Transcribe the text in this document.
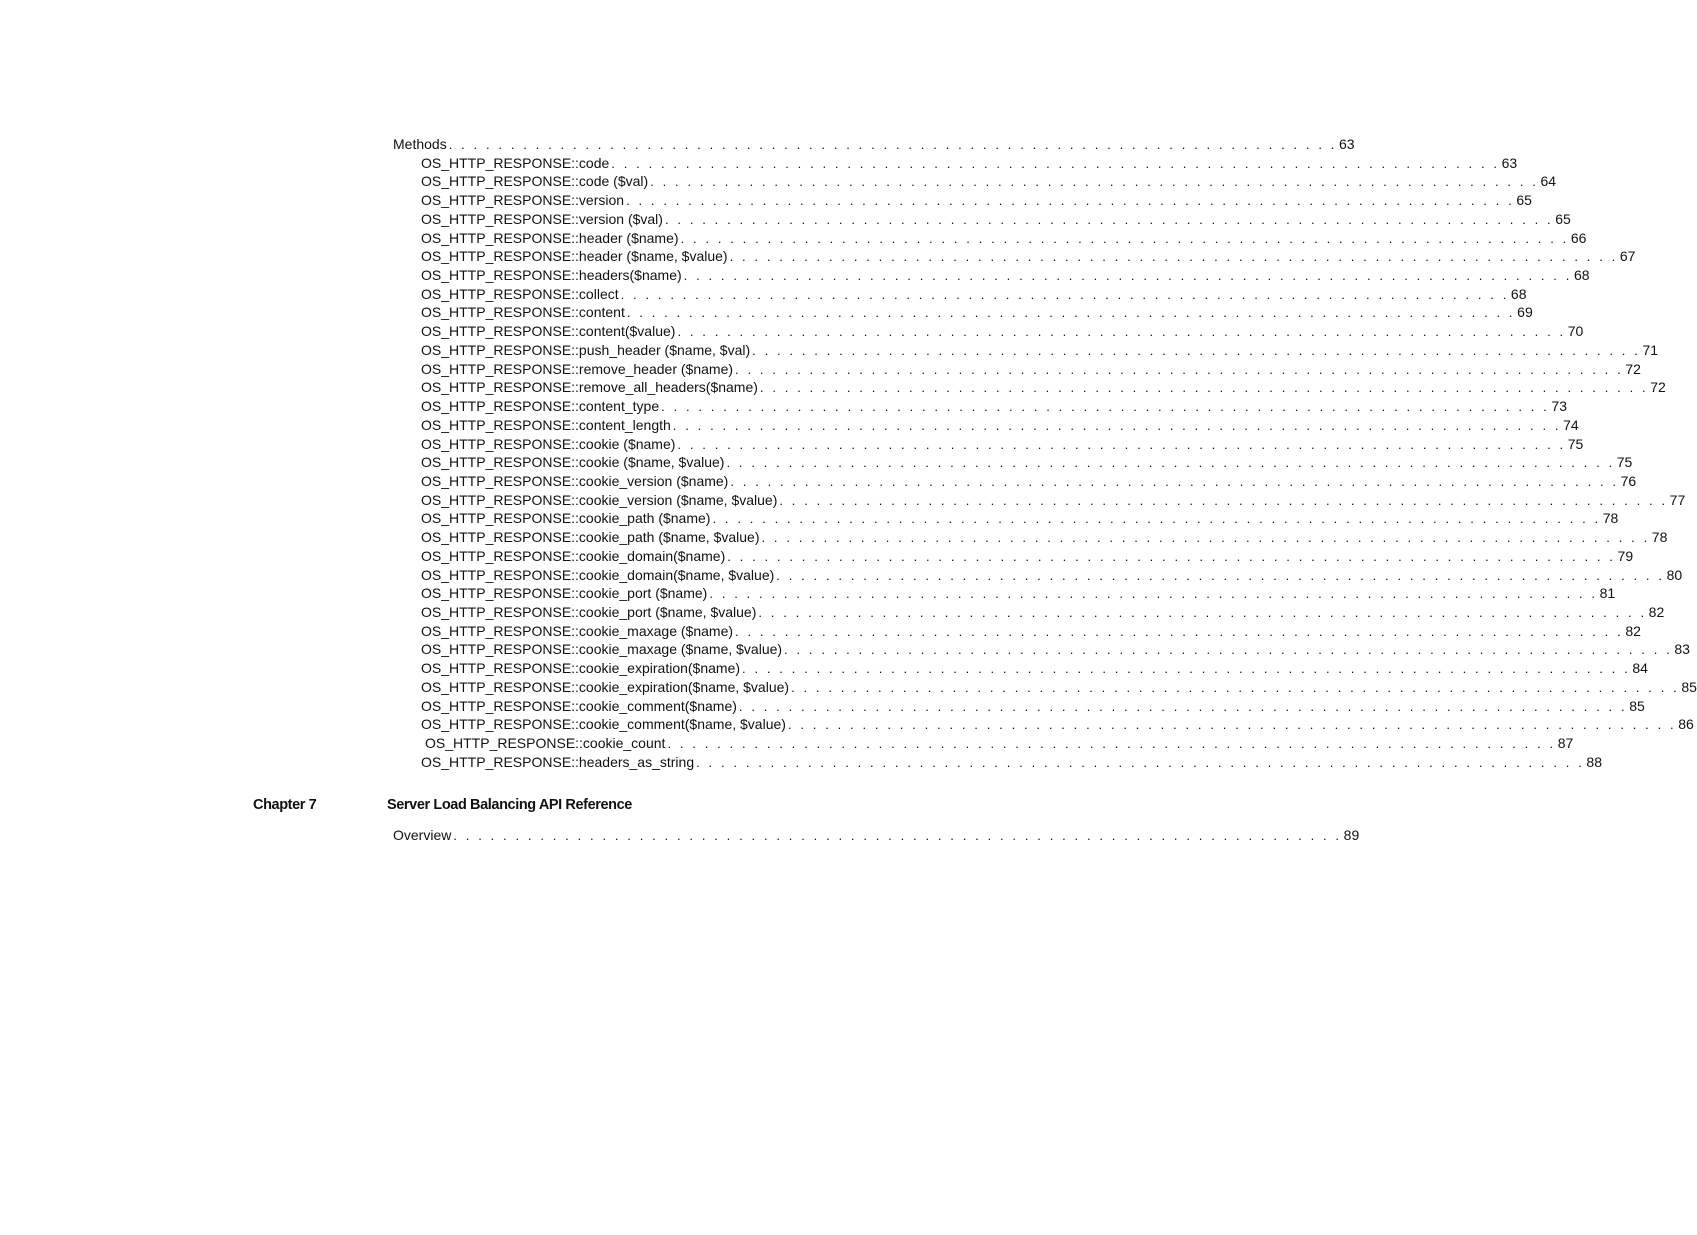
Methods . . . . . . . . . . . . . . . . . . . . . . . . . . . . . . . . . . . . . . . . . . . . . . . . . . . . . . . . . . . . . . . . . . . . . . . . 63
OS_HTTP_RESPONSE::code . . . . . . . . . . . . . . . . . . . . . . . . . . . . . . . . . . . . . . . . . . . . . . . . . . . . . . . . . . . . . . . . . . . . . . . . 63
OS_HTTP_RESPONSE::code ($val) . . . . . . . . . . . . . . . . . . . . . . . . . . . . . . . . . . . . . . . . . . . . . . . . . . . . . . . . . . . . . . . . . . . . . . . . 64
OS_HTTP_RESPONSE::version . . . . . . . . . . . . . . . . . . . . . . . . . . . . . . . . . . . . . . . . . . . . . . . . . . . . . . . . . . . . . . . . . . . . . . . . 65
OS_HTTP_RESPONSE::version ($val) . . . . . . . . . . . . . . . . . . . . . . . . . . . . . . . . . . . . . . . . . . . . . . . . . . . . . . . . . . . . . . . . . . . . . . . . 65
OS_HTTP_RESPONSE::header ($name) . . . . . . . . . . . . . . . . . . . . . . . . . . . . . . . . . . . . . . . . . . . . . . . . . . . . . . . . . . . . . . . . . . . . . . . . 66
OS_HTTP_RESPONSE::header ($name, $value) . . . . . . . . . . . . . . . . . . . . . . . . . . . . . . . . . . . . . . . . . . . . . . . . . . . . . . . . . . . . . . . . . . . . . . . . 67
OS_HTTP_RESPONSE::headers($name) . . . . . . . . . . . . . . . . . . . . . . . . . . . . . . . . . . . . . . . . . . . . . . . . . . . . . . . . . . . . . . . . . . . . . . . . 68
OS_HTTP_RESPONSE::collect . . . . . . . . . . . . . . . . . . . . . . . . . . . . . . . . . . . . . . . . . . . . . . . . . . . . . . . . . . . . . . . . . . . . . . . . 68
OS_HTTP_RESPONSE::content . . . . . . . . . . . . . . . . . . . . . . . . . . . . . . . . . . . . . . . . . . . . . . . . . . . . . . . . . . . . . . . . . . . . . . . . 69
OS_HTTP_RESPONSE::content($value) . . . . . . . . . . . . . . . . . . . . . . . . . . . . . . . . . . . . . . . . . . . . . . . . . . . . . . . . . . . . . . . . . . . . . . . . 70
OS_HTTP_RESPONSE::push_header ($name, $val) . . . . . . . . . . . . . . . . . . . . . . . . . . . . . . . . . . . . . . . . . . . . . . . . . . . . . . . . . . . . . . . . . . . . . . . . 71
OS_HTTP_RESPONSE::remove_header ($name) . . . . . . . . . . . . . . . . . . . . . . . . . . . . . . . . . . . . . . . . . . . . . . . . . . . . . . . . . . . . . . . . . . . . . . . . 72
OS_HTTP_RESPONSE::remove_all_headers($name) . . . . . . . . . . . . . . . . . . . . . . . . . . . . . . . . . . . . . . . . . . . . . . . . . . . . . . . . . . . . . . . . . . . . . . . . 72
OS_HTTP_RESPONSE::content_type . . . . . . . . . . . . . . . . . . . . . . . . . . . . . . . . . . . . . . . . . . . . . . . . . . . . . . . . . . . . . . . . . . . . . . . . 73
OS_HTTP_RESPONSE::content_length . . . . . . . . . . . . . . . . . . . . . . . . . . . . . . . . . . . . . . . . . . . . . . . . . . . . . . . . . . . . . . . . . . . . . . . . 74
OS_HTTP_RESPONSE::cookie ($name) . . . . . . . . . . . . . . . . . . . . . . . . . . . . . . . . . . . . . . . . . . . . . . . . . . . . . . . . . . . . . . . . . . . . . . . . 75
OS_HTTP_RESPONSE::cookie ($name, $value) . . . . . . . . . . . . . . . . . . . . . . . . . . . . . . . . . . . . . . . . . . . . . . . . . . . . . . . . . . . . . . . . . . . . . . . . 75
OS_HTTP_RESPONSE::cookie_version ($name) . . . . . . . . . . . . . . . . . . . . . . . . . . . . . . . . . . . . . . . . . . . . . . . . . . . . . . . . . . . . . . . . . . . . . . . . 76
OS_HTTP_RESPONSE::cookie_version ($name, $value) . . . . . . . . . . . . . . . . . . . . . . . . . . . . . . . . . . . . . . . . . . . . . . . . . . . . . . . . . . . . . . . . . . . . . . . . 77
OS_HTTP_RESPONSE::cookie_path ($name) . . . . . . . . . . . . . . . . . . . . . . . . . . . . . . . . . . . . . . . . . . . . . . . . . . . . . . . . . . . . . . . . . . . . . . . . 78
OS_HTTP_RESPONSE::cookie_path ($name, $value) . . . . . . . . . . . . . . . . . . . . . . . . . . . . . . . . . . . . . . . . . . . . . . . . . . . . . . . . . . . . . . . . . . . . . . . . 78
OS_HTTP_RESPONSE::cookie_domain($name) . . . . . . . . . . . . . . . . . . . . . . . . . . . . . . . . . . . . . . . . . . . . . . . . . . . . . . . . . . . . . . . . . . . . . . . . 79
OS_HTTP_RESPONSE::cookie_domain($name, $value) . . . . . . . . . . . . . . . . . . . . . . . . . . . . . . . . . . . . . . . . . . . . . . . . . . . . . . . . . . . . . . . . . . . . . . . . 80
OS_HTTP_RESPONSE::cookie_port ($name) . . . . . . . . . . . . . . . . . . . . . . . . . . . . . . . . . . . . . . . . . . . . . . . . . . . . . . . . . . . . . . . . . . . . . . . . 81
OS_HTTP_RESPONSE::cookie_port ($name, $value) . . . . . . . . . . . . . . . . . . . . . . . . . . . . . . . . . . . . . . . . . . . . . . . . . . . . . . . . . . . . . . . . . . . . . . . . 82
OS_HTTP_RESPONSE::cookie_maxage ($name) . . . . . . . . . . . . . . . . . . . . . . . . . . . . . . . . . . . . . . . . . . . . . . . . . . . . . . . . . . . . . . . . . . . . . . . . 82
OS_HTTP_RESPONSE::cookie_maxage ($name, $value) . . . . . . . . . . . . . . . . . . . . . . . . . . . . . . . . . . . . . . . . . . . . . . . . . . . . . . . . . . . . . . . . . . . . . . . . 83
OS_HTTP_RESPONSE::cookie_expiration($name) . . . . . . . . . . . . . . . . . . . . . . . . . . . . . . . . . . . . . . . . . . . . . . . . . . . . . . . . . . . . . . . . . . . . . . . . 84
OS_HTTP_RESPONSE::cookie_expiration($name, $value) . . . . . . . . . . . . . . . . . . . . . . . . . . . . . . . . . . . . . . . . . . . . . . . . . . . . . . . . . . . . . . . . . . . . . . . . 85
OS_HTTP_RESPONSE::cookie_comment($name) . . . . . . . . . . . . . . . . . . . . . . . . . . . . . . . . . . . . . . . . . . . . . . . . . . . . . . . . . . . . . . . . . . . . . . . . 85
OS_HTTP_RESPONSE::cookie_comment($name, $value) . . . . . . . . . . . . . . . . . . . . . . . . . . . . . . . . . . . . . . . . . . . . . . . . . . . . . . . . . . . . . . . . . . . . . . . . 86
OS_HTTP_RESPONSE::cookie_count . . . . . . . . . . . . . . . . . . . . . . . . . . . . . . . . . . . . . . . . . . . . . . . . . . . . . . . . . . . . . . . . . . . . . . . . 87
OS_HTTP_RESPONSE::headers_as_string . . . . . . . . . . . . . . . . . . . . . . . . . . . . . . . . . . . . . . . . . . . . . . . . . . . . . . . . . . . . . . . . . . . . . . . . 88
Chapter 7	Server Load Balancing API Reference
Overview . . . . . . . . . . . . . . . . . . . . . . . . . . . . . . . . . . . . . . . . . . . . . . . . . . . . . . . . . . . . . . . . . . . . . . . . 89
